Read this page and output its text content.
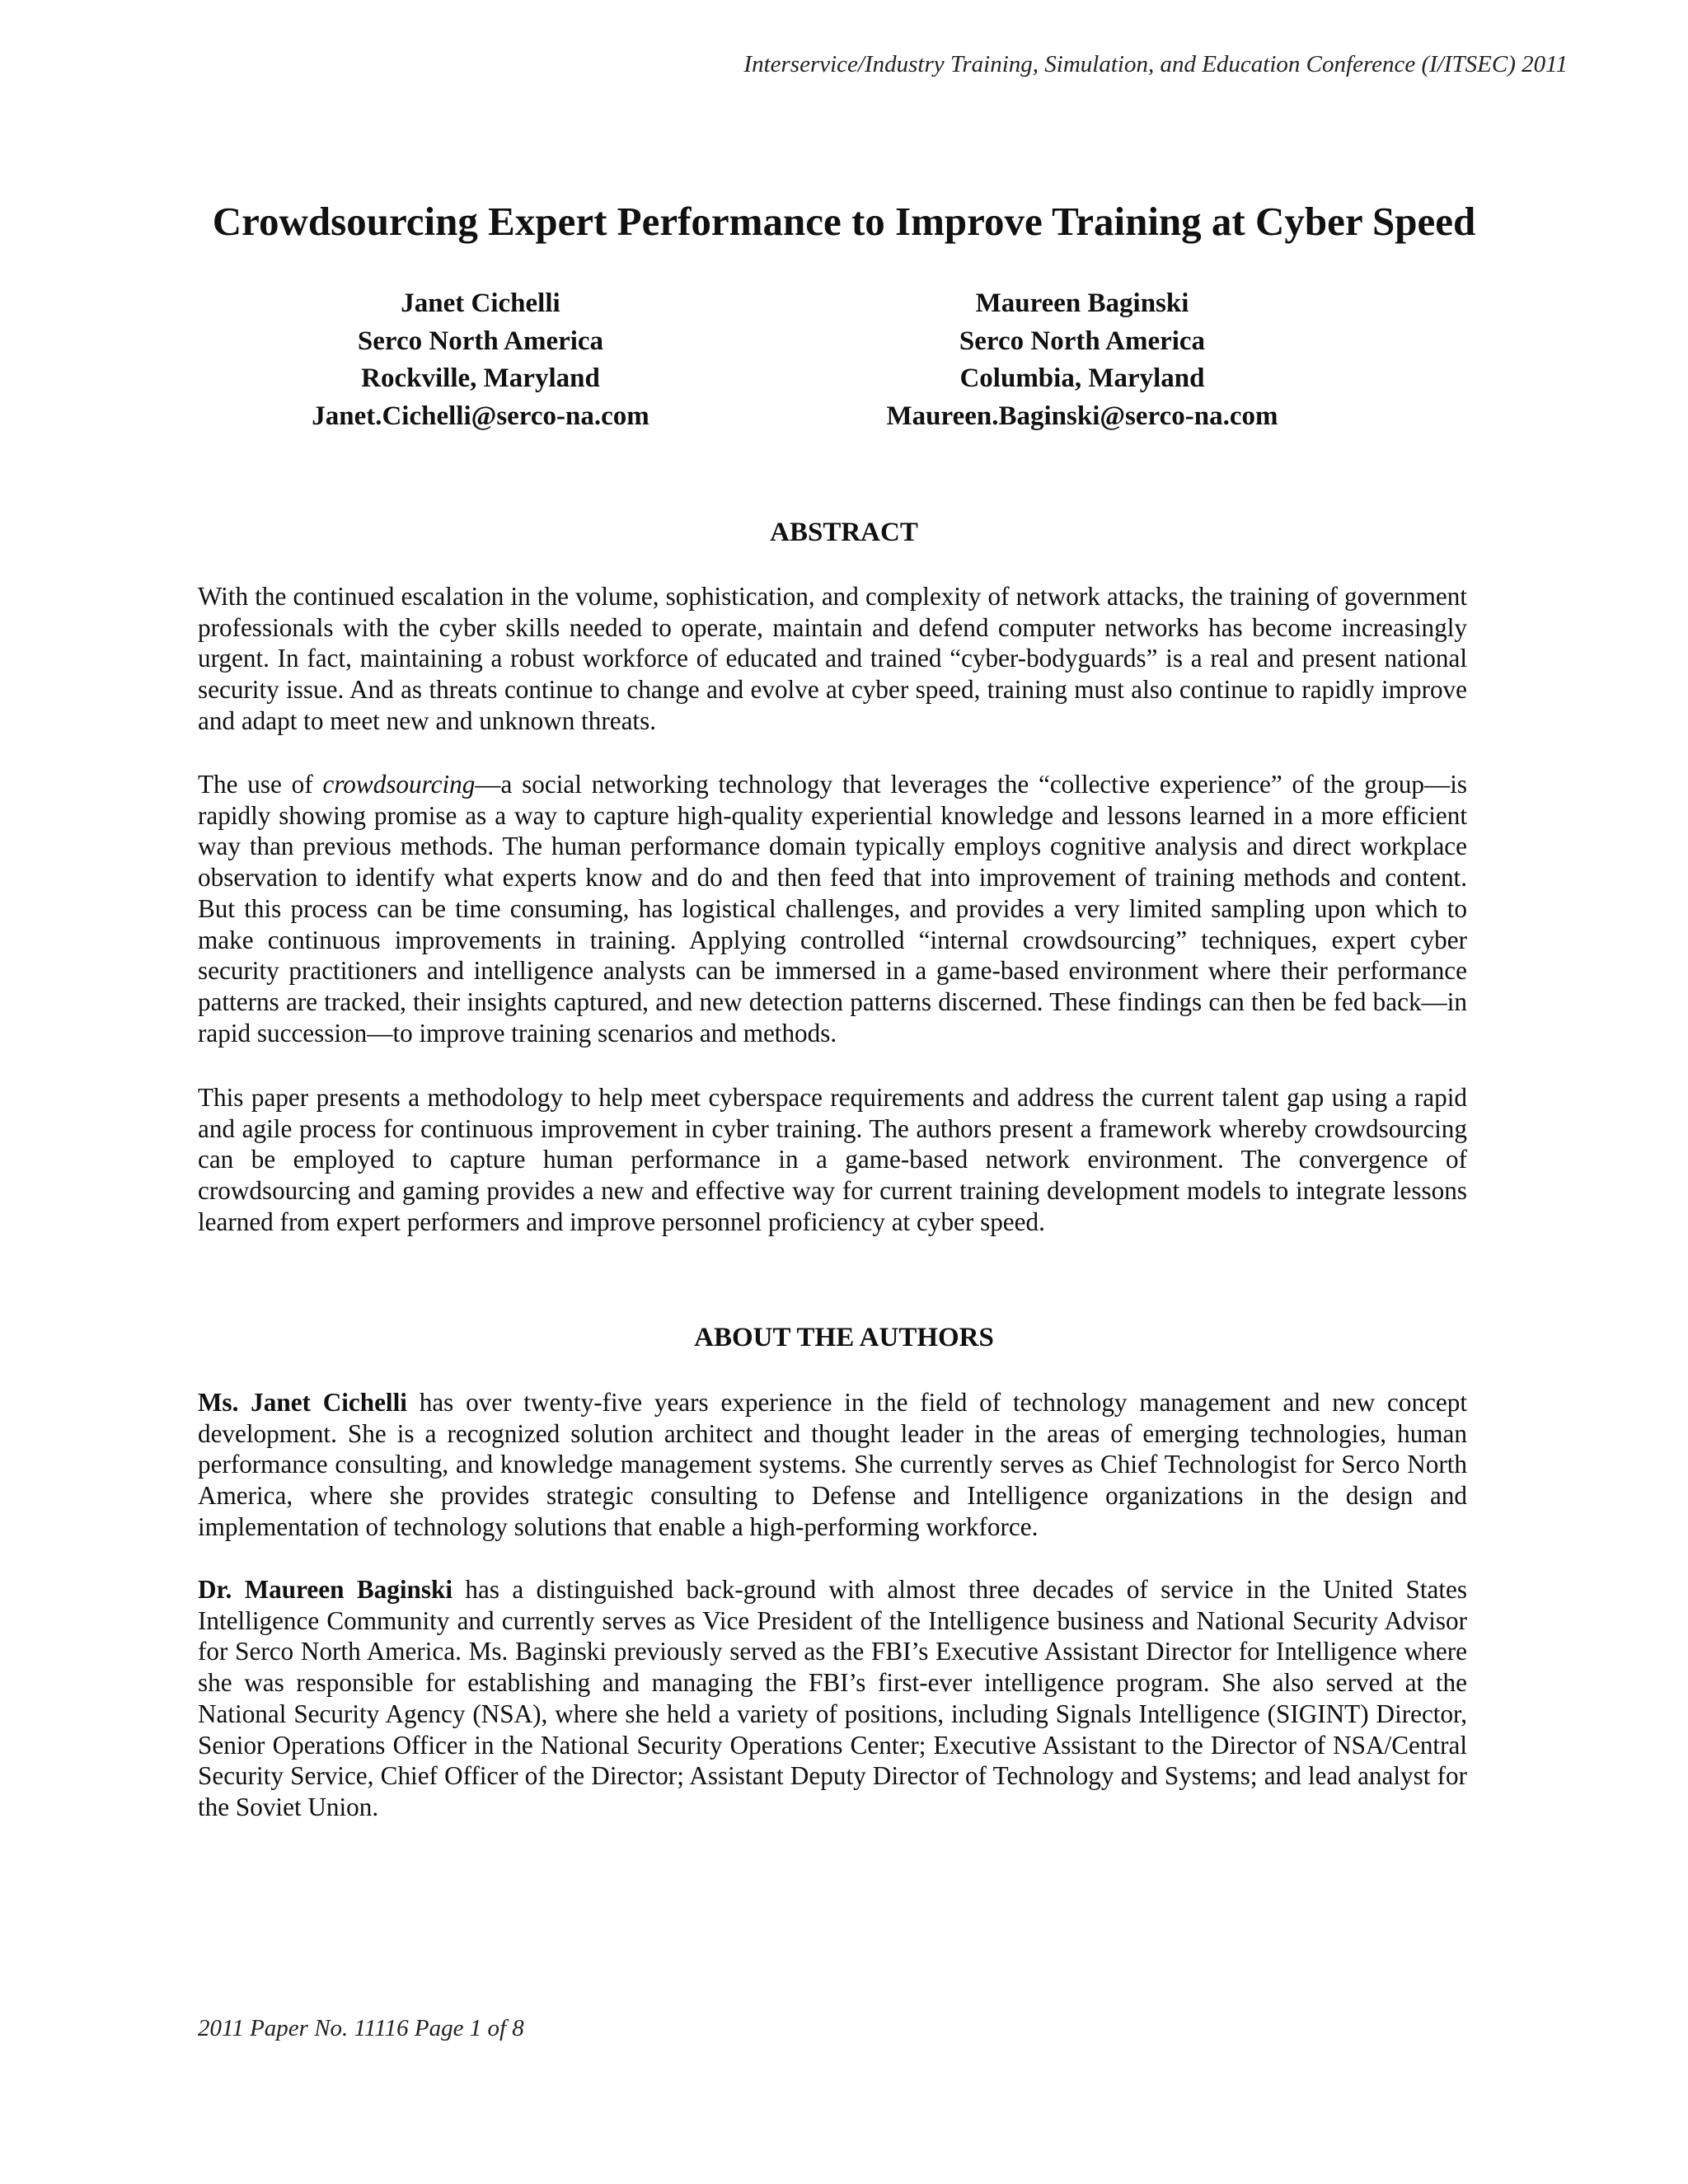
Interservice/Industry Training, Simulation, and Education Conference (I/ITSEC) 2011
Crowdsourcing Expert Performance to Improve Training at Cyber Speed
Janet Cichelli
Serco North America
Rockville, Maryland
Janet.Cichelli@serco-na.com
Maureen Baginski
Serco North America
Columbia, Maryland
Maureen.Baginski@serco-na.com
ABSTRACT

With the continued escalation in the volume, sophistication, and complexity of network attacks, the training of government professionals with the cyber skills needed to operate, maintain and defend computer networks has become increasingly urgent. In fact, maintaining a robust workforce of educated and trained “cyber-bodyguards” is a real and present national security issue. And as threats continue to change and evolve at cyber speed, training must also continue to rapidly improve and adapt to meet new and unknown threats.

The use of crowdsourcing—a social networking technology that leverages the “collective experience” of the group—is rapidly showing promise as a way to capture high-quality experiential knowledge and lessons learned in a more efficient way than previous methods. The human performance domain typically employs cognitive analysis and direct workplace observation to identify what experts know and do and then feed that into improvement of training methods and content. But this process can be time consuming, has logistical challenges, and provides a very limited sampling upon which to make continuous improvements in training. Applying controlled “internal crowdsourcing” techniques, expert cyber security practitioners and intelligence analysts can be immersed in a game-based environment where their performance patterns are tracked, their insights captured, and new detection patterns discerned. These findings can then be fed back—in rapid succession—to improve training scenarios and methods.

This paper presents a methodology to help meet cyberspace requirements and address the current talent gap using a rapid and agile process for continuous improvement in cyber training. The authors present a framework whereby crowdsourcing can be employed to capture human performance in a game-based network environment. The convergence of crowdsourcing and gaming provides a new and effective way for current training development models to integrate lessons learned from expert performers and improve personnel proficiency at cyber speed.

ABOUT THE AUTHORS

Ms. Janet Cichelli has over twenty-five years experience in the field of technology management and new concept development. She is a recognized solution architect and thought leader in the areas of emerging technologies, human performance consulting, and knowledge management systems. She currently serves as Chief Technologist for Serco North America, where she provides strategic consulting to Defense and Intelligence organizations in the design and implementation of technology solutions that enable a high-performing workforce.

Dr. Maureen Baginski has a distinguished back-ground with almost three decades of service in the United States Intelligence Community and currently serves as Vice President of the Intelligence business and National Security Advisor for Serco North America. Ms. Baginski previously served as the FBI’s Executive Assistant Director for Intelligence where she was responsible for establishing and managing the FBI’s first-ever intelligence program. She also served at the National Security Agency (NSA), where she held a variety of positions, including Signals Intelligence (SIGINT) Director, Senior Operations Officer in the National Security Operations Center; Executive Assistant to the Director of NSA/Central Security Service, Chief Officer of the Director; Assistant Deputy Director of Technology and Systems; and lead analyst for the Soviet Union.

2011 Paper No. 11116 Page 1 of 8
